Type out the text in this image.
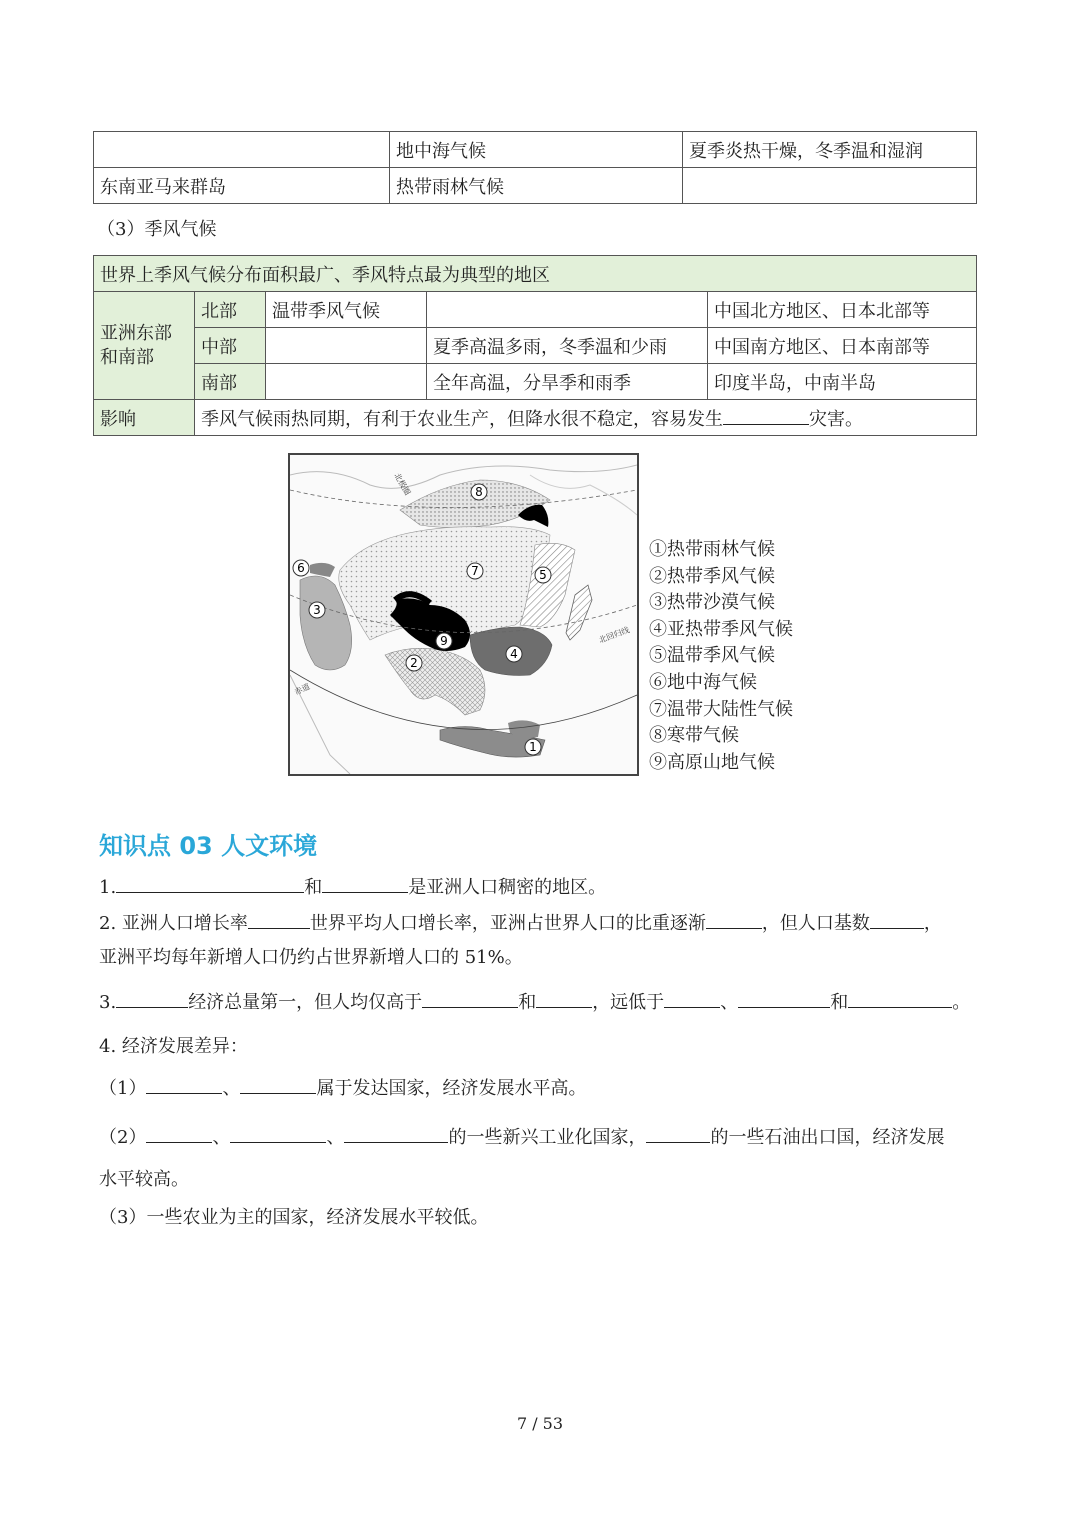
	地中海气候	夏季炎热干燥，冬季温和湿润
东南亚马来群岛	热带雨林气候	
（3）季风气候
世界上季风气候分布面积最广、季风特点最为典型的地区				
亚洲东部和南部	北部	温带季风气候		中国北方地区、日本北部等
	中部		夏季高温多雨，冬季温和少雨	中国南方地区、日本南部等
	南部		全年高温，分旱季和雨季	印度半岛，中南半岛
影响	季风气候雨热同期，有利于农业生产，但降水很不稳定，容易发生 灾害。			
北极圈
北回归线
赤道
1
2
3
4
5
6	7
8
9
①热带雨林气候
②热带季风气候
③热带沙漠气候
④亚热带季风气候
⑤温带季风气候
⑥地中海气候
⑦温带大陆性气候
⑧寒带气候
⑨高原山地气候
知识点 03 人文环境
1.	和	是亚洲人口稠密的地区。
2. 亚洲人口增长率	世界平均人口增长率，亚洲占世界人口的比重逐渐	，但人口基数	，
亚洲平均每年新增人口仍约占世界新增人口的 51%。
3.	经济总量第一，但人均仅高于	和	，远低于	、	和	。
4. 经济发展差异：
（1）	、	属于发达国家，经济发展水平高。
（2）	、	、	的一些新兴工业化国家，	的一些石油出口国，经济发展
水平较高。
（3）一些农业为主的国家，经济发展水平较低。
7 / 53
